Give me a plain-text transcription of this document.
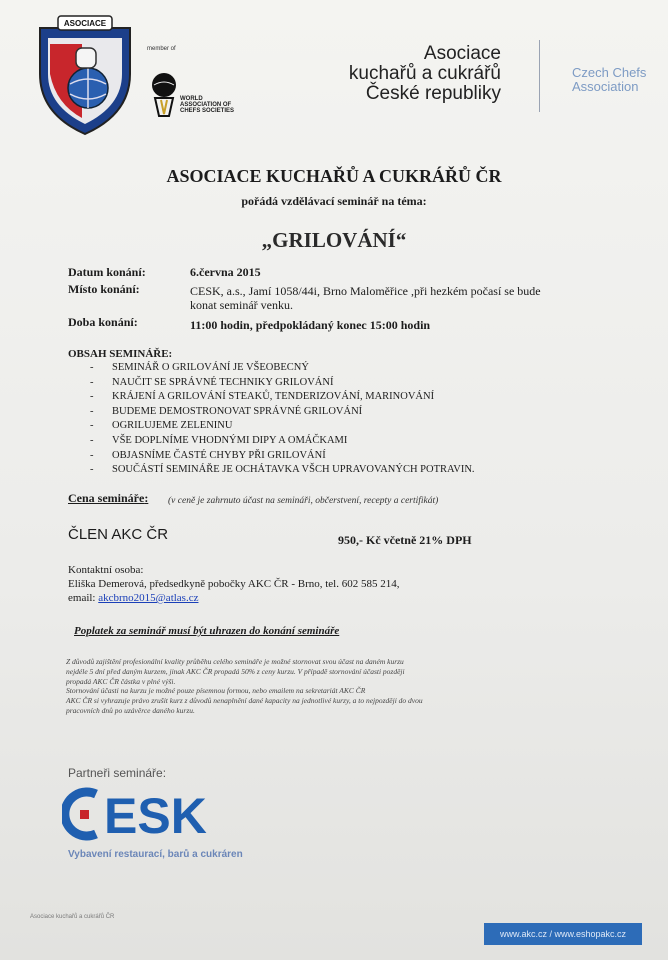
ASOCIACE
member of
WORLD ASSOCIATION OF CHEFS SOCIETIES
Asociace
kuchařů a cukrářů
České republiky
Czech Chefs
Association
ASOCIACE KUCHAŘŮ A CUKRÁŘŮ ČR
pořádá vzdělávací seminář na téma:
„GRILOVÁNÍ“
Datum konání:	6.června 2015
Místo konání:	CESK, a.s., Jamí 1058/44i, Brno Maloměřice ,při hezkém počasí se bude
konat seminář venku.
Doba konání:	11:00 hodin, předpokládaný konec 15:00 hodin
OBSAH SEMINÁŘE:
- SEMINÁŘ O GRILOVÁNÍ JE VŠEOBECNÝ
- NAUČIT SE SPRÁVNÉ TECHNIKY GRILOVÁNÍ
- KRÁJENÍ A GRILOVÁNÍ STEAKŮ, TENDERIZOVÁNÍ, MARINOVÁNÍ
- BUDEME DEMOSTRONOVAT SPRÁVNÉ GRILOVÁNÍ
- OGRILUJEME ZELENINU
- VŠE DOPLNÍME VHODNÝMI DIPY A OMÁČKAMI
- OBJASNÍME ČASTÉ CHYBY PŘI GRILOVÁNÍ
- SOUČÁSTÍ SEMINÁŘE JE OCHÁTAVKA VŠCH UPRAVOVANÝCH POTRAVIN.
Cena semináře: (v ceně je zahrnuto účast na semináři, občerstvení, recepty a certifikát)
ČLEN AKC ČR	950,- Kč včetně 21% DPH
Kontaktní osoba:
Eliška Demerová, předsedkyně pobočky AKC ČR - Brno, tel. 602 585 214,
email: akcbrno2015@atlas.cz
Poplatek za seminář musí být uhrazen do konání semináře
Z důvodů zajištění profesionální kvality průběhu celého semináře je možné stornovat svou účast na daném kurzu
nejdéle 5 dní před daným kurzem, jinak AKC ČR propadá 50% z ceny kurzu. V případě stornování účasti později
propadá AKC ČR částka v plné výši.
Stornování účasti na kurzu je možné pouze písemnou formou, nebo emailem na sekretariát AKC ČR
AKC ČR si vyhrazuje právo zrušit kurz z důvodů nenaplnění dané kapacity na jednotlivé kurzy, a to nejpozději do dvou
pracovních dnů po uzávěrce daného kurzu.
Partneři semináře:
ESK
Vybavení restaurací, barů a cukráren
Asociace kuchařů a cukrářů ČR
www.akc.cz / www.eshopakc.cz
